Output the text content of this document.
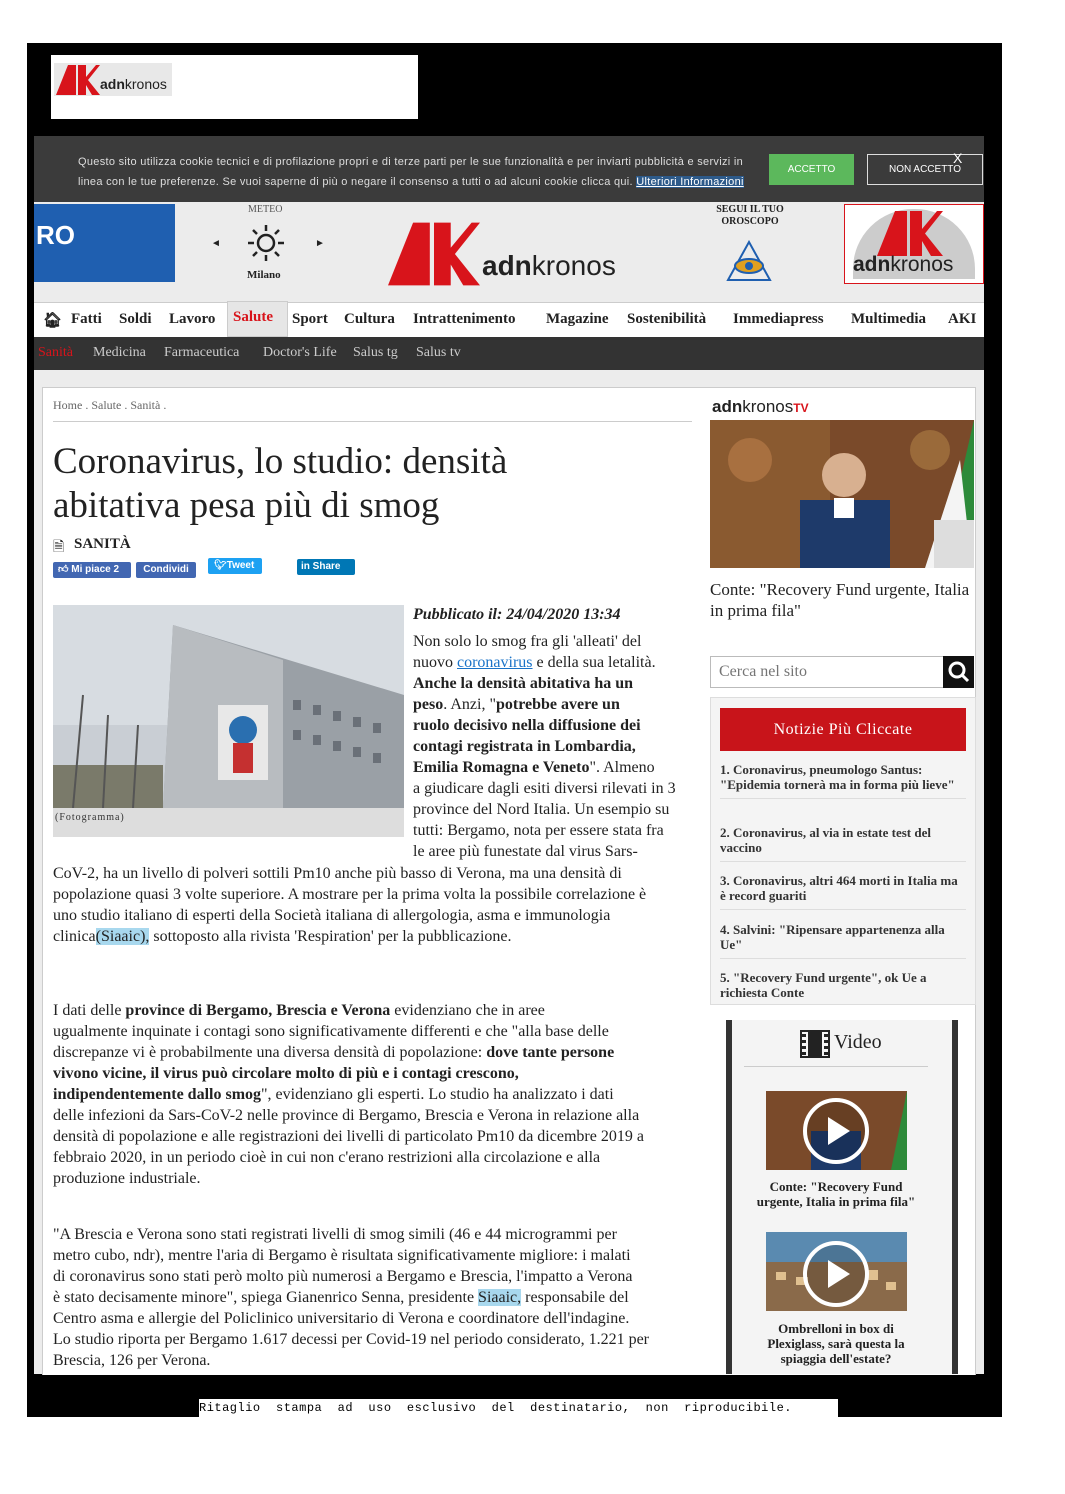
adnkronos
Questo sito utilizza cookie tecnici e di profilazione propri e di terze parti per le sue funzionalità e per inviarti pubblicità e servizi in linea con le tue preferenze. Se vuoi saperne di più o negare il consenso a tutti o ad alcuni cookie clicca qui. Ulteriori Informazioni
ACCETTO	NON ACCETTO
X
RO
METEO
◄	►
Milano	adnkronos
SEGUI IL TUO OROSCOPO
adnkronos
🏠︎ Fatti Soldi Lavoro Salute Sport Cultura Intrattenimento Magazine Sostenibilità Immediapress Multimedia AKI
Sanità Medicina Farmaceutica Doctor's Life Salus tg Salus tv
Home . Salute . Sanità .
Coronavirus, lo studio: densità
abitativa pesa più di smog
🗎 SANITÀ
👍︎ Mi piace 2	Condividi	🐦︎Tweet	in Share
(Fotogramma)
Pubblicato il: 24/04/2020 13:34
Non solo lo smog fra gli 'alleati' del
nuovo coronavirus e della sua letalità.
Anche la densità abitativa ha un
peso. Anzi, "potrebbe avere un
ruolo decisivo nella diffusione dei
contagi registrata in Lombardia,
Emilia Romagna e Veneto". Almeno
a giudicare dagli esiti diversi rilevati in 3
province del Nord Italia. Un esempio su
tutti: Bergamo, nota per essere stata fra
le aree più funestate dal virus Sars-
CoV-2, ha un livello di polveri sottili Pm10 anche più basso di Verona, ma una densità di
popolazione quasi 3 volte superiore. A mostrare per la prima volta la possibile correlazione è
uno studio italiano di esperti della Società italiana di allergologia, asma e immunologia
clinica(Siaaic), sottoposto alla rivista 'Respiration' per la pubblicazione.
I dati delle province di Bergamo, Brescia e Verona evidenziano che in aree
ugualmente inquinate i contagi sono significativamente differenti e che "alla base delle
discrepanze vi è probabilmente una diversa densità di popolazione: dove tante persone
vivono vicine, il virus può circolare molto di più e i contagi crescono,
indipendentemente dallo smog", evidenziano gli esperti. Lo studio ha analizzato i dati
delle infezioni da Sars-CoV-2 nelle province di Bergamo, Brescia e Verona in relazione alla
densità di popolazione e alle registrazioni dei livelli di particolato Pm10 da dicembre 2019 a
febbraio 2020, in un periodo cioè in cui non c'erano restrizioni alla circolazione e alla
produzione industriale.
"A Brescia e Verona sono stati registrati livelli di smog simili (46 e 44 microgrammi per
metro cubo, ndr), mentre l'aria di Bergamo è risultata significativamente migliore: i malati
di coronavirus sono stati però molto più numerosi a Bergamo e Brescia, l'impatto a Verona
è stato decisamente minore", spiega Gianenrico Senna, presidente Siaaic, responsabile del
Centro asma e allergie del Policlinico universitario di Verona e coordinatore dell'indagine.
Lo studio riporta per Bergamo 1.617 decessi per Covid-19 nel periodo considerato, 1.221 per
Brescia, 126 per Verona.
adnkronosTV
Conte: "Recovery Fund urgente, Italia in prima fila"
Cerca nel sito
Notizie Più Cliccate
1. Coronavirus, pneumologo Santus: "Epidemia tornerà ma in forma più lieve"
2. Coronavirus, al via in estate test del vaccino
3. Coronavirus, altri 464 morti in Italia ma è record guariti
4. Salvini: "Ripensare appartenenza alla Ue"
5. "Recovery Fund urgente", ok Ue a richiesta Conte
Video
Conte: "Recovery Fund urgente, Italia in prima fila"
Ombrelloni in box di Plexiglass, sarà questa la spiaggia dell'estate?
Ritaglio  stampa  ad  uso  esclusivo  del  destinatario,  non  riproducibile.
